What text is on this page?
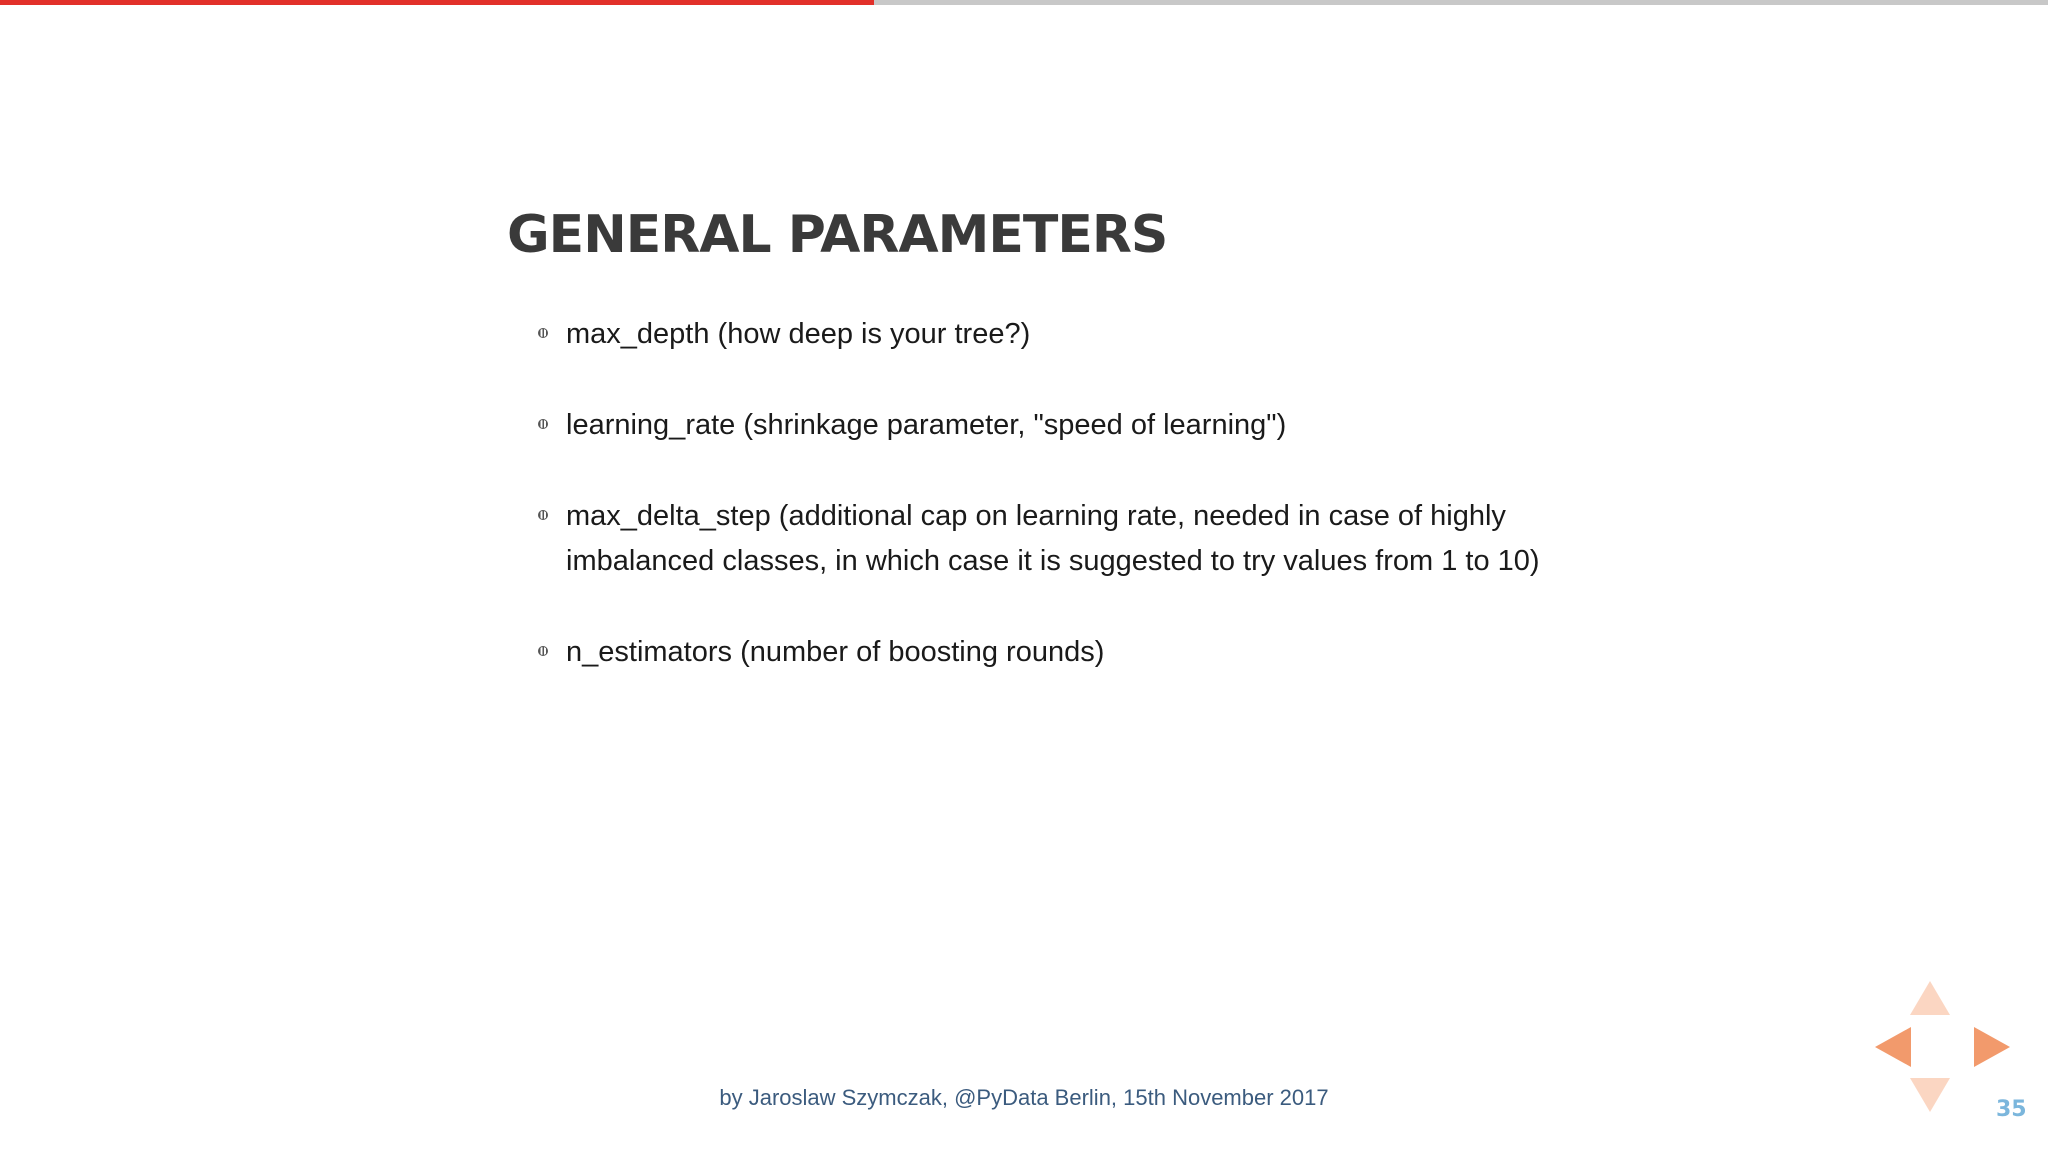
GENERAL PARAMETERS
max_depth (how deep is your tree?)
learning_rate (shrinkage parameter, "speed of learning")
max_delta_step (additional cap on learning rate, needed in case of highly imbalanced classes, in which case it is suggested to try values from 1 to 10)
n_estimators (number of boosting rounds)
by Jaroslaw Szymczak, @PyData Berlin, 15th November 2017	35
